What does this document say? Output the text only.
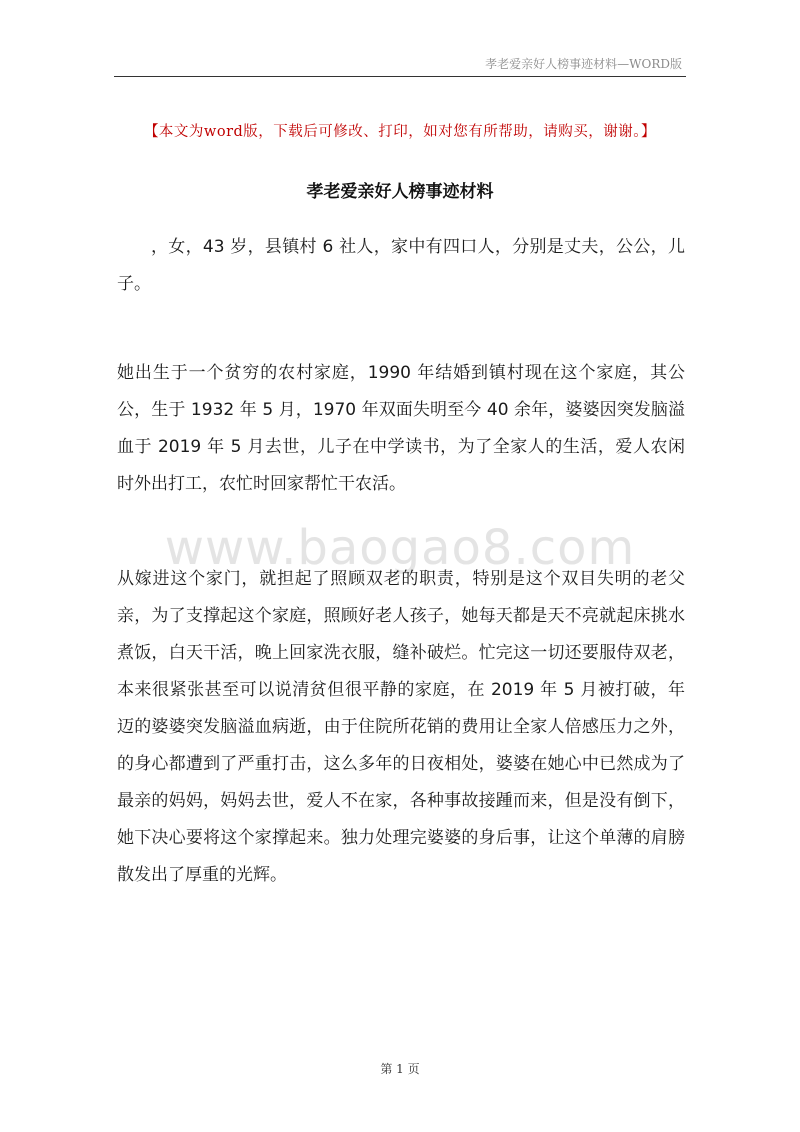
孝老爱亲好人榜事迹材料—WORD版
【本文为word版，下载后可修改、打印，如对您有所帮助，请购买，谢谢。】
孝老爱亲好人榜事迹材料

，女，43 岁，县镇村 6 社人，家中有四口人，分别是丈夫，公公，儿子。

她出生于一个贫穷的农村家庭，1990 年结婚到镇村现在这个家庭，其公公，生于 1932 年 5 月，1970 年双面失明至今 40 余年，婆婆因突发脑溢血于 2019 年 5 月去世，儿子在中学读书，为了全家人的生活，爱人农闲时外出打工，农忙时回家帮忙干农活。

www.baogao8.com

从嫁进这个家门，就担起了照顾双老的职责，特别是这个双目失明的老父亲，为了支撑起这个家庭，照顾好老人孩子，她每天都是天不亮就起床挑水煮饭，白天干活，晚上回家洗衣服，缝补破烂。忙完这一切还要服侍双老，本来很紧张甚至可以说清贫但很平静的家庭，在 2019 年 5 月被打破，年迈的婆婆突发脑溢血病逝，由于住院所花销的费用让全家人倍感压力之外，的身心都遭到了严重打击，这么多年的日夜相处，婆婆在她心中已然成为了最亲的妈妈，妈妈去世，爱人不在家，各种事故接踵而来，但是没有倒下，她下决心要将这个家撑起来。独力处理完婆婆的身后事，让这个单薄的肩膀散发出了厚重的光辉。

第 1 页
